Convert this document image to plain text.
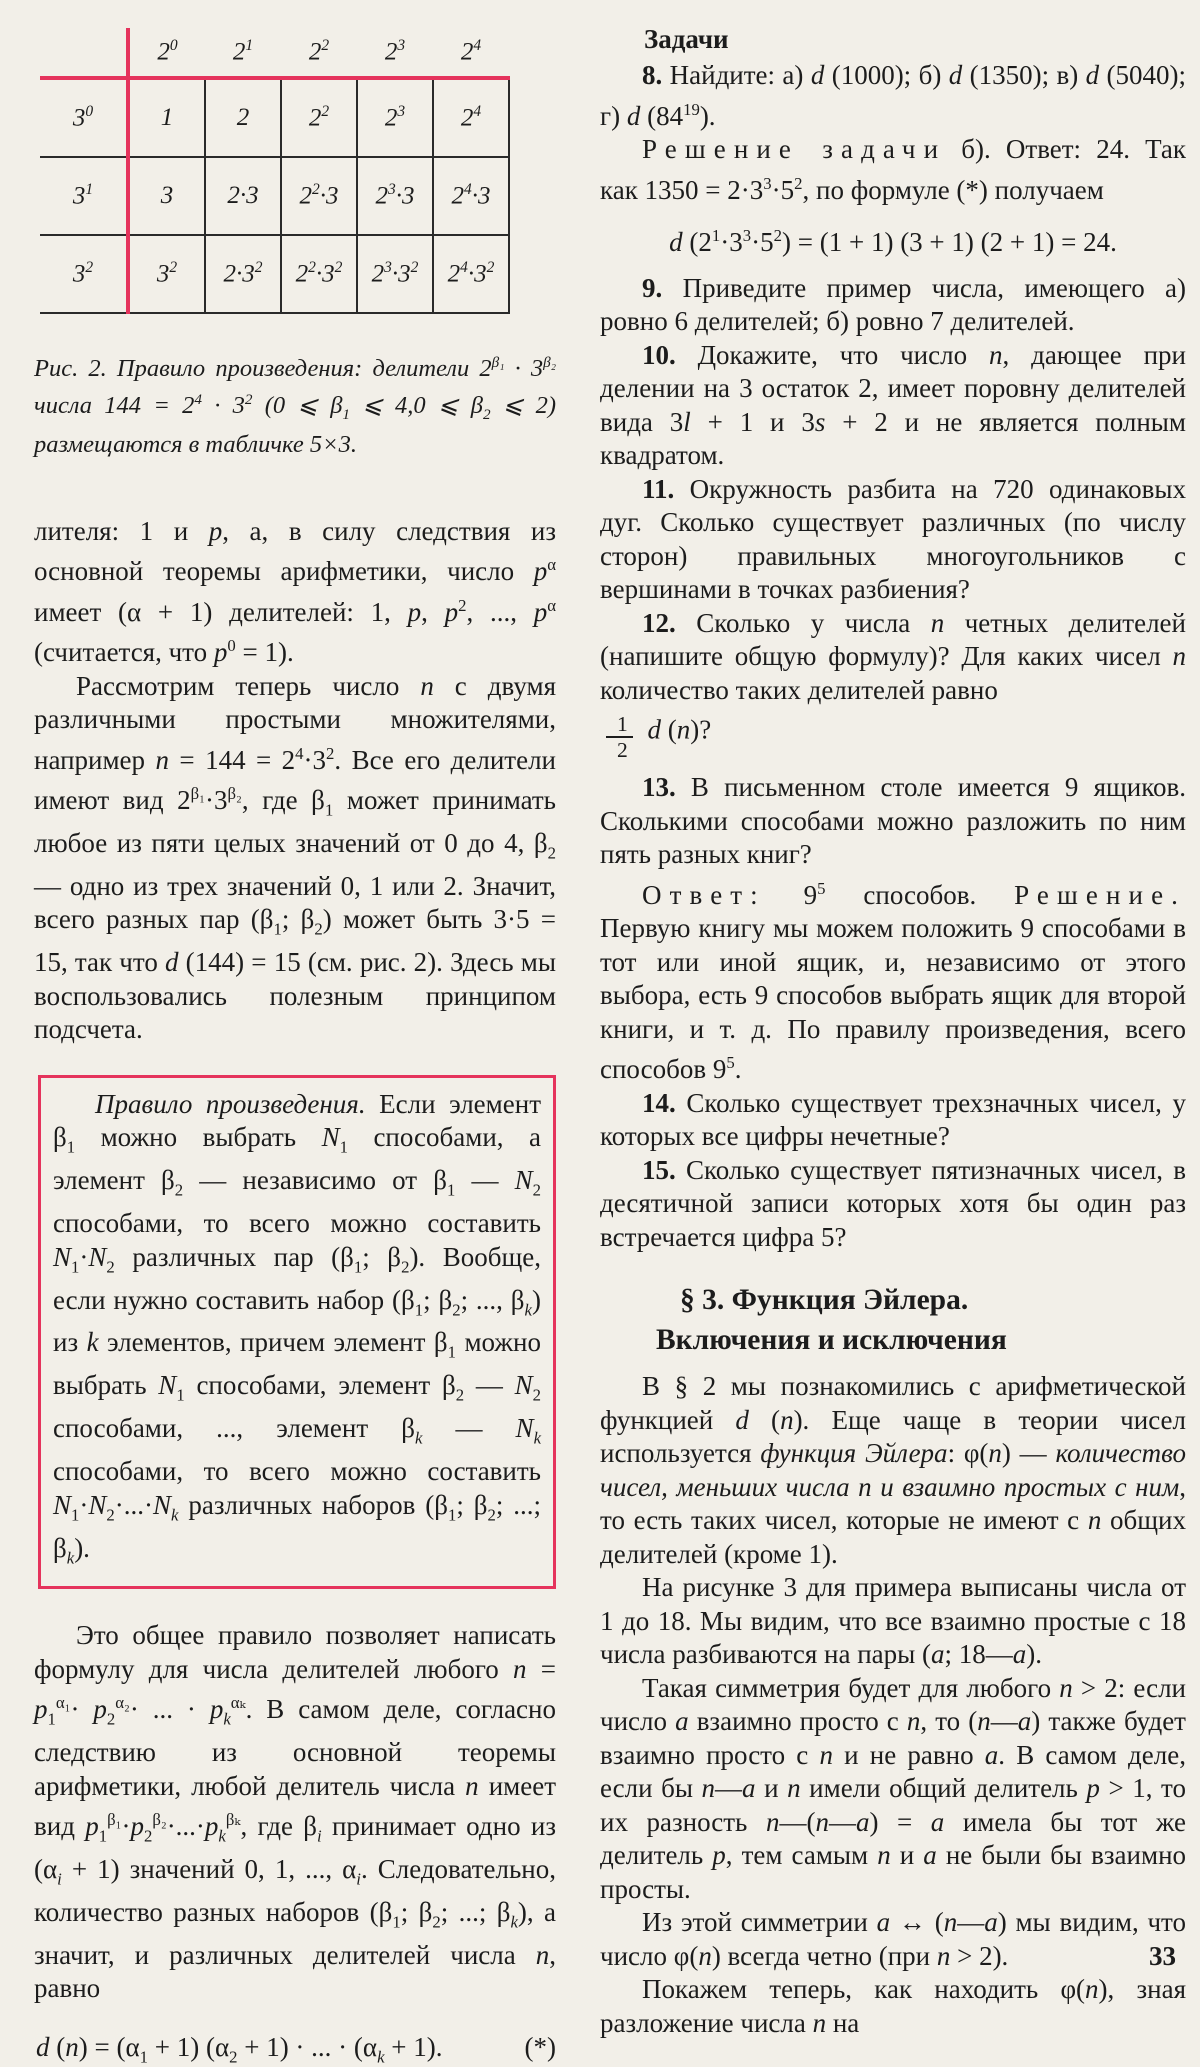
	$2^0$	$2^1$	$2^2$	$2^3$	$2^4$
$3^0$	1	2	$2^2$	$2^3$	$2^4$
$3^1$	3	2·3	$2^2\cdot 3$	$2^3\cdot 3$	$2^4\cdot 3$
$3^2$	$3^2$	$2\cdot 3^2$	$2^2\cdot 3^2$	$2^3\cdot 3^2$	$2^4\cdot 3^2$
Рис. 2. Правило произведения: делители $2^{\beta_1} \cdot 3^{\beta_2}$ числа $144 = 2^4 \cdot 3^2$ (0 ⩽ $\beta_1$ ⩽ 4,0 ⩽ $\beta_2$ ⩽ 2) размещаются в табличке 5×3.

лителя: 1 и p, а, в силу следствия из основной теоремы арифметики, число $p^\alpha$ имеет (α + 1) делителей: 1, p, $p^2$, ..., $p^\alpha$ (считается, что $p^0 = 1$).

Рассмотрим теперь число n с двумя различными простыми множителями, например $n = 144 = 2^4\cdot 3^2$. Все его делители имеют вид $2^{\beta_1}\cdot 3^{\beta_2}$, где $\beta_1$ может принимать любое из пяти целых значений от 0 до 4, $\beta_2$ — одно из трех значений 0, 1 или 2. Значит, всего разных пар ($\beta_1$; $\beta_2$) может быть 3·5 = 15, так что d (144) = 15 (см. рис. 2). Здесь мы воспользовались полезным принципом подсчета.

Правило произведения. Если элемент $\beta_1$ можно выбрать $N_1$ способами, а элемент $\beta_2$ — независимо от $\beta_1$ — $N_2$ способами, то всего можно составить $N_1\cdot N_2$ различных пар ($\beta_1$; $\beta_2$). Вообще, если нужно составить набор ($\beta_1$; $\beta_2$; ..., $\beta_k$) из k элементов, причем элемент $\beta_1$ можно выбрать $N_1$ способами, элемент $\beta_2$ — $N_2$ способами, ..., элемент $\beta_k$ — $N_k$ способами, то всего можно составить $N_1\cdot N_2\cdot...\cdot N_k$ различных наборов ($\beta_1$; $\beta_2$; ...; $\beta_k$).

Это общее правило позволяет написать формулу для числа делителей любого $n = p_1^{\alpha_1}\cdot p_2^{\alpha_2}\cdot$ ... · $p_k^{\alpha_k}$. В самом деле, согласно следствию из основной теоремы арифметики, любой делитель числа n имеет вид $p_1^{\beta_1}\cdot p_2^{\beta_2}\cdot...\cdot p_k^{\beta_k}$, где $\beta_i$ принимает одно из $(\alpha_i + 1)$ значений 0, 1, ..., $\alpha_i$. Следовательно, количество разных наборов ($\beta_1$; $\beta_2$; ...; $\beta_k$), а значит, и различных делителей числа n, равно

d $(n) = (\alpha_1 + 1) (\alpha_2 + 1)$ · ... · $(\alpha_k + 1)$.	(*)
Задачи

8. Найдите: а) d (1000); б) d (1350); в) d (5040); г) d $(84^{19})$.

Решение задачи б). Ответ: 24. Так как $1350 = 2\cdot 3^3\cdot 5^2$, по формуле (*) получаем

d $(2^1\cdot 3^3\cdot 5^2) = (1 + 1) (3 + 1) (2 + 1) = 24$.

9. Приведите пример числа, имеющего а) ровно 6 делителей; б) ровно 7 делителей.

10. Докажите, что число n, дающее при делении на 3 остаток 2, имеет поровну делителей вида 3l + 1 и 3s + 2 и не является полным квадратом.

11. Окружность разбита на 720 одинаковых дуг. Сколько существует различных (по числу сторон) правильных многоугольников с вершинами в точках разбиения?

12. Сколько у числа n четных делителей (напишите общую формулу)? Для каких чисел n количество таких делителей равно

$\frac{1}{2}$ d (n)?

13. В письменном столе имеется 9 ящиков. Сколькими способами можно разложить по ним пять разных книг?

Ответ: $9^5$ способов. Решение. Первую книгу мы можем положить 9 способами в тот или иной ящик, и, независимо от этого выбора, есть 9 способов выбрать ящик для второй книги, и т. д. По правилу произведения, всего способов $9^5$.

14. Сколько существует трехзначных чисел, у которых все цифры нечетные?

15. Сколько существует пятизначных чисел, в десятичной записи которых хотя бы один раз встречается цифра 5?

§ 3. Функция Эйлера.
Включения и исключения

В § 2 мы познакомились с арифметической функцией d (n). Еще чаще в теории чисел используется функция Эйлера: φ(n) — количество чисел, меньших числа n и взаимно простых с ним, то есть таких чисел, которые не имеют с n общих делителей (кроме 1).

На рисунке 3 для примера выписаны числа от 1 до 18. Мы видим, что все взаимно простые с 18 числа разбиваются на пары (a; 18—a).

Такая симметрия будет для любого n > 2: если число a взаимно просто с n, то (n—a) также будет взаимно просто с n и не равно a. В самом деле, если бы n—a и n имели общий делитель p > 1, то их разность n—(n—a) = a имела бы тот же делитель p, тем самым n и a не были бы взаимно просты.

Из этой симметрии a ↔ (n—a) мы видим, что число φ(n) всегда четно (при n > 2).

Покажем теперь, как находить φ(n), зная разложение числа n на

33
